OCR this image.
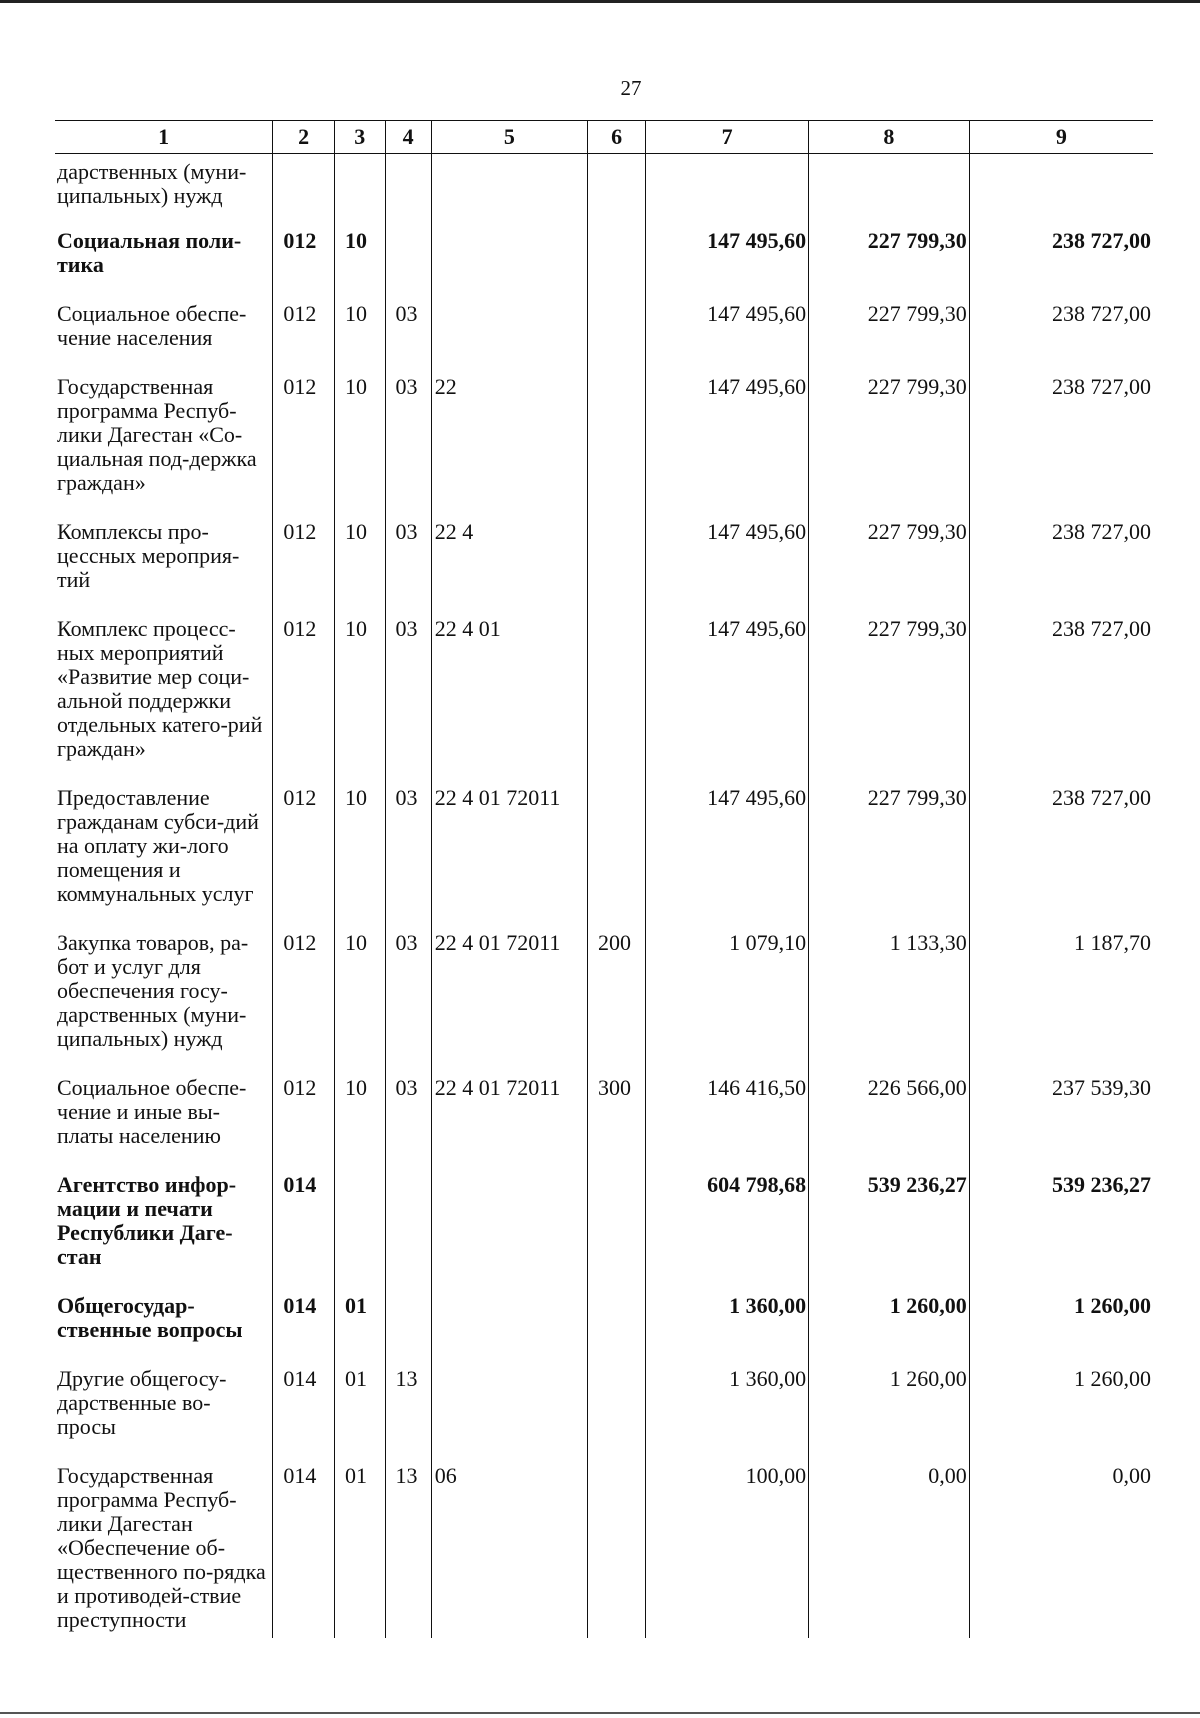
27
1	2	3	4	5	6	7	8	9
дарственных (муни-ципальных) нужд								
Социальная поли-тика	012	10				147 495,60	227 799,30	238 727,00
Социальное обеспе-чение населения	012	10	03			147 495,60	227 799,30	238 727,00
Государственная программа Респуб-лики Дагестан «Со-циальная под-держка граждан»	012	10	03	22		147 495,60	227 799,30	238 727,00
Комплексы про-цессных мероприя-тий	012	10	03	22 4		147 495,60	227 799,30	238 727,00
Комплекс процесс-ных мероприятий «Развитие мер соци-альной поддержки отдельных катего-рий граждан»	012	10	03	22 4 01		147 495,60	227 799,30	238 727,00
Предоставление гражданам субси-дий на оплату жи-лого помещения и коммунальных услуг	012	10	03	22 4 01 72011		147 495,60	227 799,30	238 727,00
Закупка товаров, ра-бот и услуг для обеспечения госу-дарственных (муни-ципальных) нужд	012	10	03	22 4 01 72011	200	1 079,10	1 133,30	1 187,70
Социальное обеспе-чение и иные вы-платы населению	012	10	03	22 4 01 72011	300	146 416,50	226 566,00	237 539,30
Агентство инфор-мации и печати Республики Даге-стан	014					604 798,68	539 236,27	539 236,27
Общегосудар-ственные вопросы	014	01				1 360,00	1 260,00	1 260,00
Другие общегосу-дарственные во-просы	014	01	13			1 360,00	1 260,00	1 260,00
Государственная программа Респуб-лики Дагестан «Обеспечение об-щественного по-рядка и противодей-ствие преступности	014	01	13	06		100,00	0,00	0,00
